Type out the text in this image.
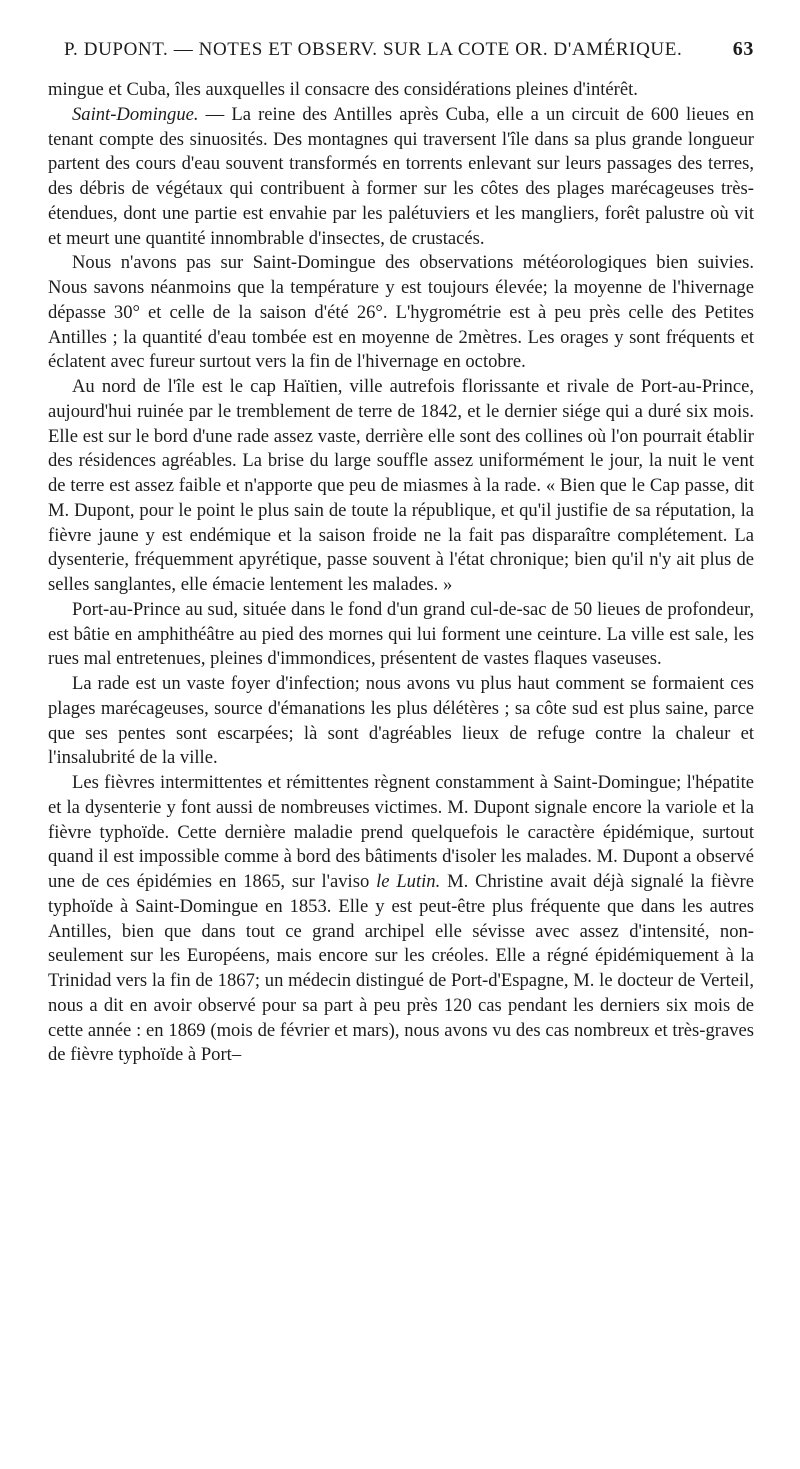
P. DUPONT. — NOTES ET OBSERV. SUR LA COTE OR. D'AMÉRIQUE.	63

mingue et Cuba, îles auxquelles il consacre des considérations pleines d'intérêt.

Saint-Domingue. — La reine des Antilles après Cuba, elle a un circuit de 600 lieues en tenant compte des sinuosités. Des montagnes qui traversent l'île dans sa plus grande longueur partent des cours d'eau souvent transformés en torrents enlevant sur leurs passages des terres, des débris de végétaux qui contribuent à former sur les côtes des plages marécageuses très-étendues, dont une partie est envahie par les palétuviers et les mangliers, forêt palustre où vit et meurt une quantité innombrable d'insectes, de crustacés.

Nous n'avons pas sur Saint-Domingue des observations météorologiques bien suivies. Nous savons néanmoins que la température y est toujours élevée; la moyenne de l'hivernage dépasse 30° et celle de la saison d'été 26°. L'hygrométrie est à peu près celle des Petites Antilles ; la quantité d'eau tombée est en moyenne de 2mètres. Les orages y sont fréquents et éclatent avec fureur surtout vers la fin de l'hivernage en octobre.

Au nord de l'île est le cap Haïtien, ville autrefois florissante et rivale de Port-au-Prince, aujourd'hui ruinée par le tremblement de terre de 1842, et le dernier siége qui a duré six mois. Elle est sur le bord d'une rade assez vaste, derrière elle sont des collines où l'on pourrait établir des résidences agréables. La brise du large souffle assez uniformément le jour, la nuit le vent de terre est assez faible et n'apporte que peu de miasmes à la rade. « Bien que le Cap passe, dit M. Dupont, pour le point le plus sain de toute la république, et qu'il justifie de sa réputation, la fièvre jaune y est endémique et la saison froide ne la fait pas disparaître complétement. La dysenterie, fréquemment apyrétique, passe souvent à l'état chronique; bien qu'il n'y ait plus de selles sanglantes, elle émacie lentement les malades. »

Port-au-Prince au sud, située dans le fond d'un grand cul-de-sac de 50 lieues de profondeur, est bâtie en amphithéâtre au pied des mornes qui lui forment une ceinture. La ville est sale, les rues mal entretenues, pleines d'immondices, présentent de vastes flaques vaseuses.

La rade est un vaste foyer d'infection; nous avons vu plus haut comment se formaient ces plages marécageuses, source d'émanations les plus délétères ; sa côte sud est plus saine, parce que ses pentes sont escarpées; là sont d'agréables lieux de refuge contre la chaleur et l'insalubrité de la ville.

Les fièvres intermittentes et rémittentes règnent constamment à Saint-Domingue; l'hépatite et la dysenterie y font aussi de nombreuses victimes. M. Dupont signale encore la variole et la fièvre typhoïde. Cette dernière maladie prend quelquefois le caractère épidémique, surtout quand il est impossible comme à bord des bâtiments d'isoler les malades. M. Dupont a observé une de ces épidémies en 1865, sur l'aviso le Lutin. M. Christine avait déjà signalé la fièvre typhoïde à Saint-Domingue en 1853. Elle y est peut-être plus fréquente que dans les autres Antilles, bien que dans tout ce grand archipel elle sévisse avec assez d'intensité, non-seulement sur les Européens, mais encore sur les créoles. Elle a régné épidémiquement à la Trinidad vers la fin de 1867; un médecin distingué de Port-d'Espagne, M. le docteur de Verteil, nous a dit en avoir observé pour sa part à peu près 120 cas pendant les derniers six mois de cette année : en 1869 (mois de février et mars), nous avons vu des cas nombreux et très-graves de fièvre typhoïde à Port–
